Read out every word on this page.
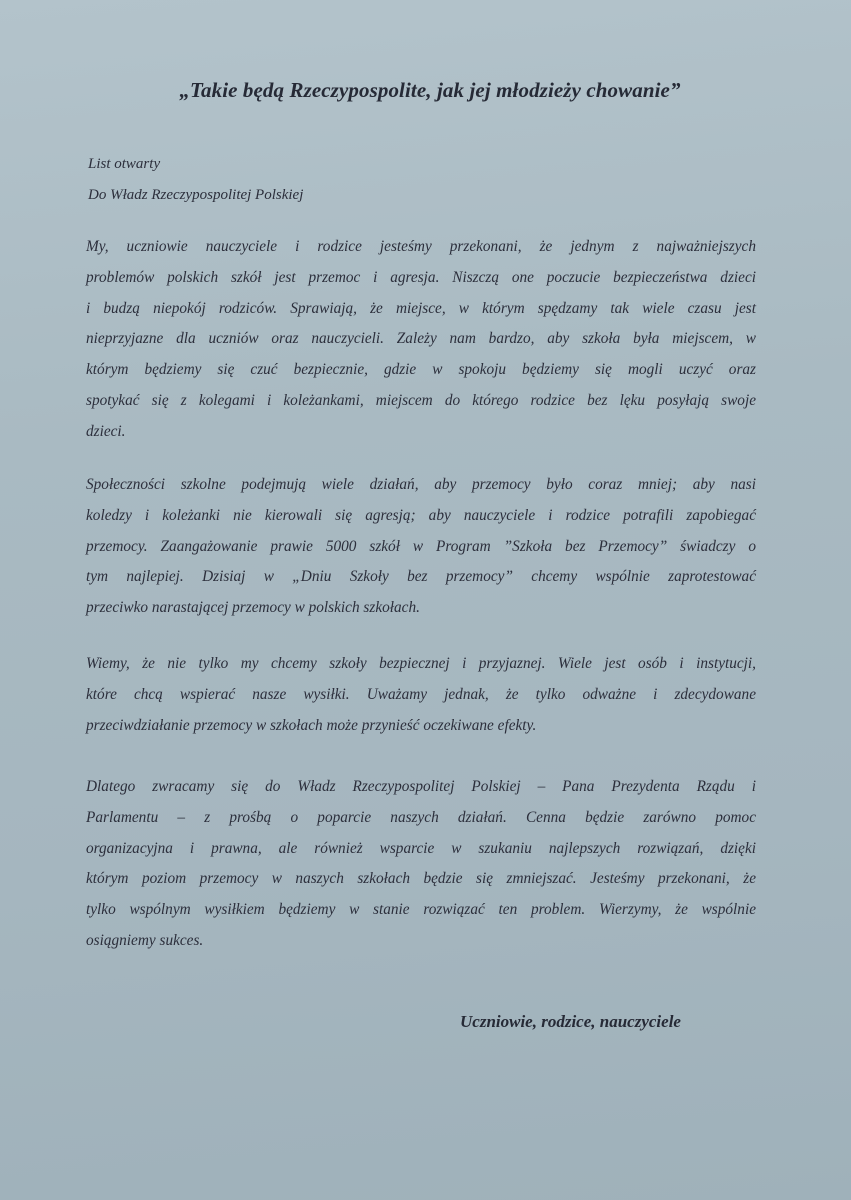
„Takie będą Rzeczypospolite, jak jej młodzieży chowanie”
List otwarty
Do Władz Rzeczypospolitej Polskiej
My, uczniowie nauczyciele i rodzice jesteśmy przekonani, że jednym z najważniejszych
problemów polskich szkół jest przemoc i agresja. Niszczą one poczucie bezpieczeństwa dzieci
i budzą niepokój rodziców. Sprawiają, że miejsce, w którym spędzamy tak wiele czasu jest
nieprzyjazne dla uczniów oraz nauczycieli. Zależy nam bardzo, aby szkoła była miejscem, w
którym będziemy się czuć bezpiecznie, gdzie w spokoju będziemy się mogli uczyć oraz
spotykać się z kolegami i koleżankami, miejscem do którego rodzice bez lęku posyłają swoje
dzieci.
Społeczności szkolne podejmują wiele działań, aby przemocy było coraz mniej; aby nasi
koledzy i koleżanki nie kierowali się agresją; aby nauczyciele i rodzice potrafili zapobiegać
przemocy. Zaangażowanie prawie 5000 szkół w Program ”Szkoła bez Przemocy” świadczy o
tym najlepiej. Dzisiaj w „Dniu Szkoły bez przemocy” chcemy wspólnie zaprotestować
przeciwko narastającej przemocy w polskich szkołach.
Wiemy, że nie tylko my chcemy szkoły bezpiecznej i przyjaznej. Wiele jest osób i instytucji,
które chcą wspierać nasze wysiłki. Uważamy jednak, że tylko odważne i zdecydowane
przeciwdziałanie przemocy w szkołach może przynieść oczekiwane efekty.
Dlatego zwracamy się do Władz Rzeczypospolitej Polskiej – Pana Prezydenta Rządu i
Parlamentu – z prośbą o poparcie naszych działań. Cenna będzie zarówno pomoc
organizacyjna i prawna, ale również wsparcie w szukaniu najlepszych rozwiązań, dzięki
którym poziom przemocy w naszych szkołach będzie się zmniejszać. Jesteśmy przekonani, że
tylko wspólnym wysiłkiem będziemy w stanie rozwiązać ten problem. Wierzymy, że wspólnie
osiągniemy sukces.
Uczniowie, rodzice, nauczyciele
